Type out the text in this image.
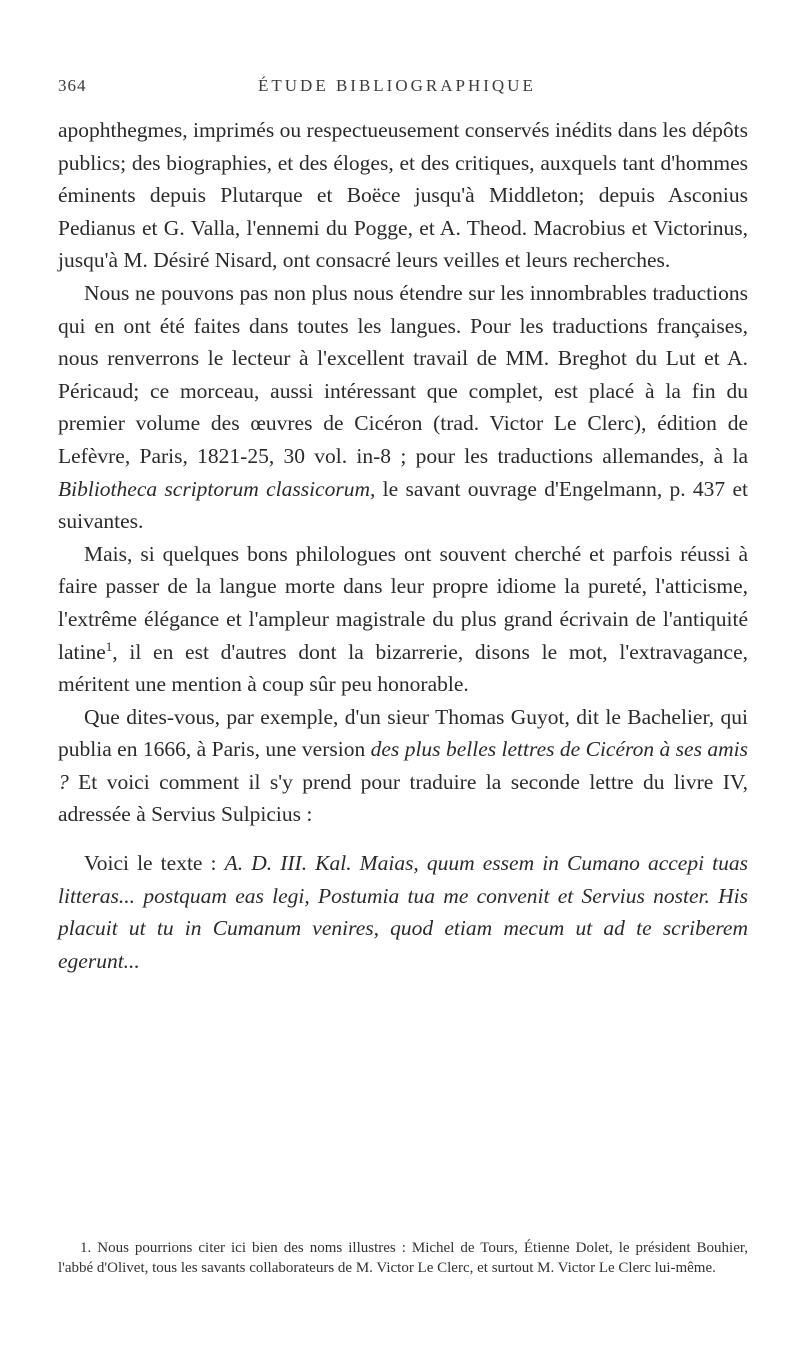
364	ÉTUDE BIBLIOGRAPHIQUE

apophthegmes, imprimés ou respectueusement conservés inédits dans les dépôts publics; des biographies, et des éloges, et des critiques, auxquels tant d'hommes éminents depuis Plutarque et Boëce jusqu'à Middleton; depuis Asconius Pedianus et G. Valla, l'ennemi du Pogge, et A. Theod. Macrobius et Victorinus, jusqu'à M. Désiré Nisard, ont consacré leurs veilles et leurs recherches.

Nous ne pouvons pas non plus nous étendre sur les innombrables traductions qui en ont été faites dans toutes les langues. Pour les traductions françaises, nous renverrons le lecteur à l'excellent travail de MM. Breghot du Lut et A. Péricaud; ce morceau, aussi intéressant que complet, est placé à la fin du premier volume des œuvres de Cicéron (trad. Victor Le Clerc), édition de Lefèvre, Paris, 1821-25, 30 vol. in-8 ; pour les traductions allemandes, à la Bibliotheca scriptorum classicorum, le savant ouvrage d'Engelmann, p. 437 et suivantes.

Mais, si quelques bons philologues ont souvent cherché et parfois réussi à faire passer de la langue morte dans leur propre idiome la pureté, l'atticisme, l'extrême élégance et l'ampleur magistrale du plus grand écrivain de l'antiquité latine$^1$, il en est d'autres dont la bizarrerie, disons le mot, l'extravagance, méritent une mention à coup sûr peu honorable.

Que dites-vous, par exemple, d'un sieur Thomas Guyot, dit le Bachelier, qui publia en 1666, à Paris, une version des plus belles lettres de Cicéron à ses amis ? Et voici comment il s'y prend pour traduire la seconde lettre du livre IV, adressée à Servius Sulpicius :

Voici le texte : A. D. III. Kal. Maias, quum essem in Cumano accepi tuas litteras... postquam eas legi, Postumia tua me convenit et Servius noster. His placuit ut tu in Cumanum venires, quod etiam mecum ut ad te scriberem egerunt...

1. Nous pourrions citer ici bien des noms illustres : Michel de Tours, Étienne Dolet, le président Bouhier, l'abbé d'Olivet, tous les savants collaborateurs de M. Victor Le Clerc, et surtout M. Victor Le Clerc lui-même.
